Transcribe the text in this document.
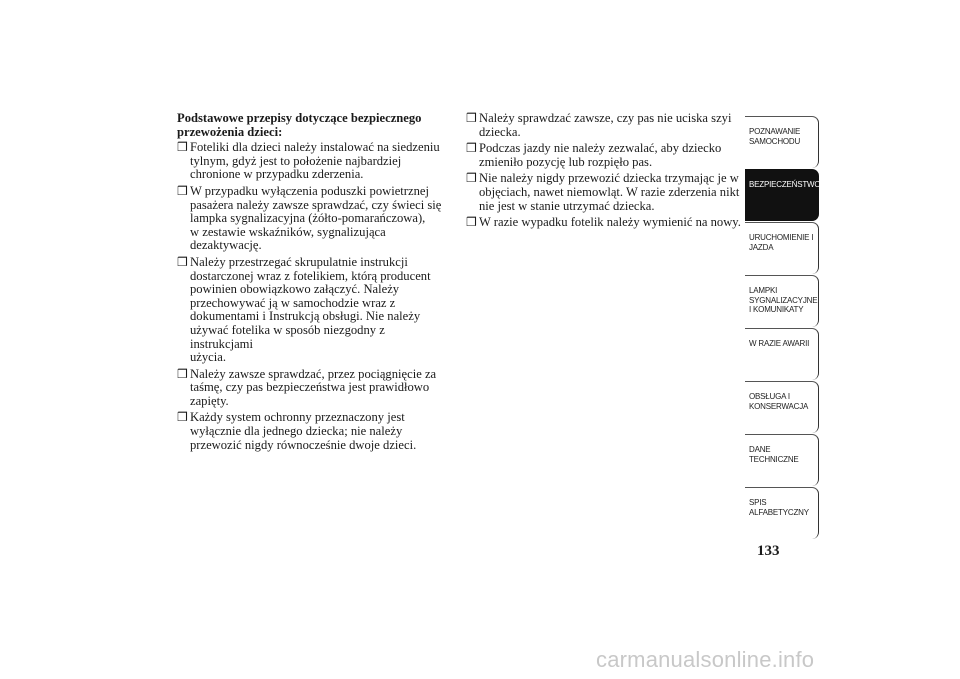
Podstawowe przepisy dotyczące bezpiecznego przewożenia dzieci:
❒ Foteliki dla dzieci należy instalować na siedzeniu
tylnym, gdyż jest to położenie najbardziej
chronione w przypadku zderzenia.
❒ W przypadku wyłączenia poduszki powietrznej
pasażera należy zawsze sprawdzać, czy świeci się
lampka sygnalizacyjna (żółto-pomarańczowa),
w zestawie wskaźników, sygnalizująca
dezaktywację.
❒ Należy przestrzegać skrupulatnie instrukcji
dostarczonej wraz z fotelikiem, którą producent
powinien obowiązkowo załączyć. Należy
przechowywać ją w samochodzie wraz z
dokumentami i Instrukcją obsługi. Nie należy
używać fotelika w sposób niezgodny z instrukcjami
użycia.
❒ Należy zawsze sprawdzać, przez pociągnięcie za
taśmę, czy pas bezpieczeństwa jest prawidłowo
zapięty.
❒ Każdy system ochronny przeznaczony jest
wyłącznie dla jednego dziecka; nie należy
przewozić nigdy równocześnie dwoje dzieci.
❒ Należy sprawdzać zawsze, czy pas nie uciska szyi
dziecka.
❒ Podczas jazdy nie należy zezwalać, aby dziecko
zmieniło pozycję lub rozpięło pas.
❒ Nie należy nigdy przewozić dziecka trzymając je w
objęciach, nawet niemowląt. W razie zderzenia nikt
nie jest w stanie utrzymać dziecka.
❒ W razie wypadku fotelik należy wymienić na nowy.
POZNAWANIE
SAMOCHODU
BEZPIECZEŃSTWO
URUCHOMIENIE I
JAZDA
LAMPKI
SYGNALIZACYJNE
I KOMUNIKATY
W RAZIE AWARII
OBSŁUGA I
KONSERWACJA
DANE
TECHNICZNE
SPIS
ALFABETYCZNY
133
carmanualsonline.info
